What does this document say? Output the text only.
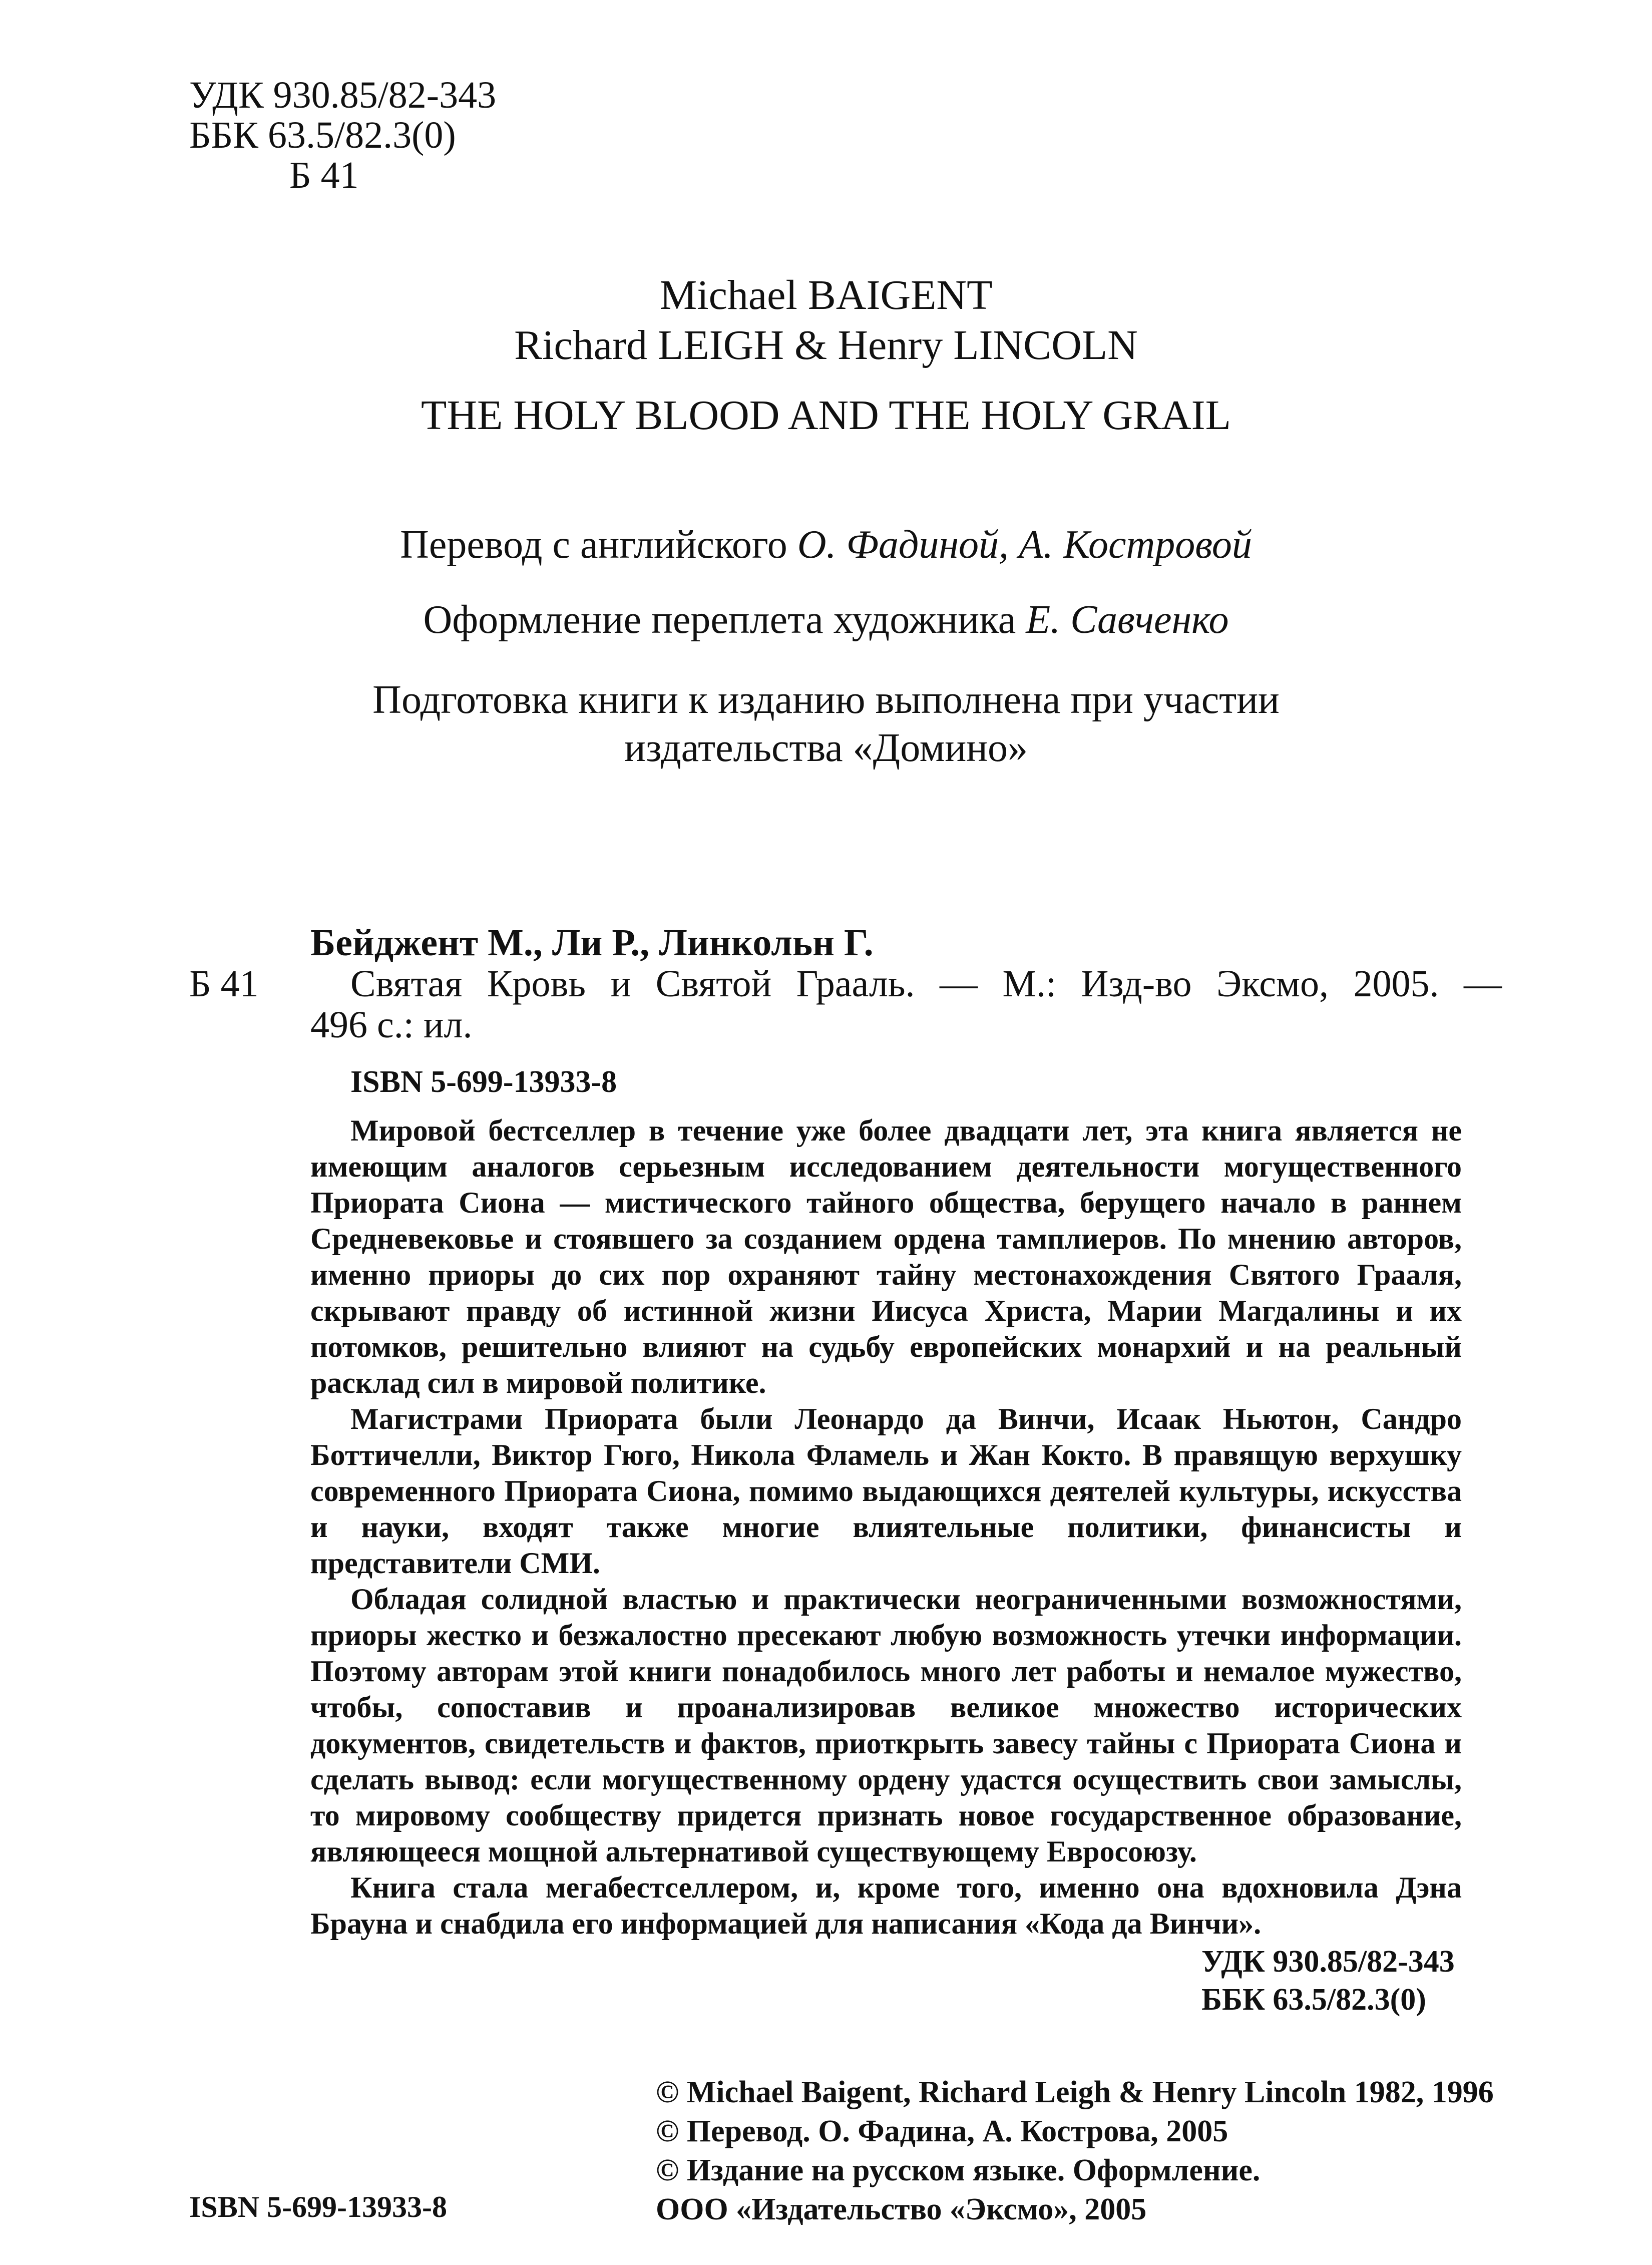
УДК 930.85/82-343
ББК 63.5/82.3(0)
Б 41
Michael BAIGENT
Richard LEIGH & Henry LINCOLN
THE HOLY BLOOD AND THE HOLY GRAIL
Перевод с английского О. Фадиной, А. Костровой
Оформление переплета художника Е. Савченко
Подготовка книги к изданию выполнена при участии
издательства «Домино»
Бейджент М., Ли Р., Линкольн Г.
Б 41 Святая Кровь и Святой Грааль. — М.: Изд-во Эксмо, 2005. —
496 с.: ил.
ISBN 5-699-13933-8

Мировой бестселлер в течение уже более двадцати лет, эта книга является не имеющим аналогов серьезным исследованием деятельности могущественного Приората Сиона — мистического тайного общества, берущего начало в раннем Средневековье и стоявшего за созданием ордена тамплиеров. По мнению авторов, именно приоры до сих пор охраняют тайну местонахождения Святого Грааля, скрывают правду об истинной жизни Иисуса Христа, Марии Магдалины и их потомков, решительно влияют на судьбу европейских монархий и на реальный расклад сил в мировой политике.

Магистрами Приората были Леонардо да Винчи, Исаак Ньютон, Сандро Боттичелли, Виктор Гюго, Никола Фламель и Жан Кокто. В правящую верхушку современного Приората Сиона, помимо выдающихся деятелей культуры, искусства и науки, входят также многие влиятельные политики, финансисты и представители СМИ.

Обладая солидной властью и практически неограниченными возможностями, приоры жестко и безжалостно пресекают любую возможность утечки информации. Поэтому авторам этой книги понадобилось много лет работы и немалое мужество, чтобы, сопоставив и проанализировав великое множество исторических документов, свидетельств и фактов, приоткрыть завесу тайны с Приората Сиона и сделать вывод: если могущественному ордену удастся осуществить свои замыслы, то мировому сообществу придется признать новое государственное образование, являющееся мощной альтернативой существующему Евросоюзу.

Книга стала мегабестселлером, и, кроме того, именно она вдохновила Дэна Брауна и снабдила его информацией для написания «Кода да Винчи».

УДК 930.85/82-343
ББК 63.5/82.3(0)
© Michael Baigent, Richard Leigh & Henry Lincoln 1982, 1996
© Перевод. О. Фадина, А. Кострова, 2005
© Издание на русском языке. Оформление.
ООО «Издательство «Эксмо», 2005
ISBN 5-699-13933-8
